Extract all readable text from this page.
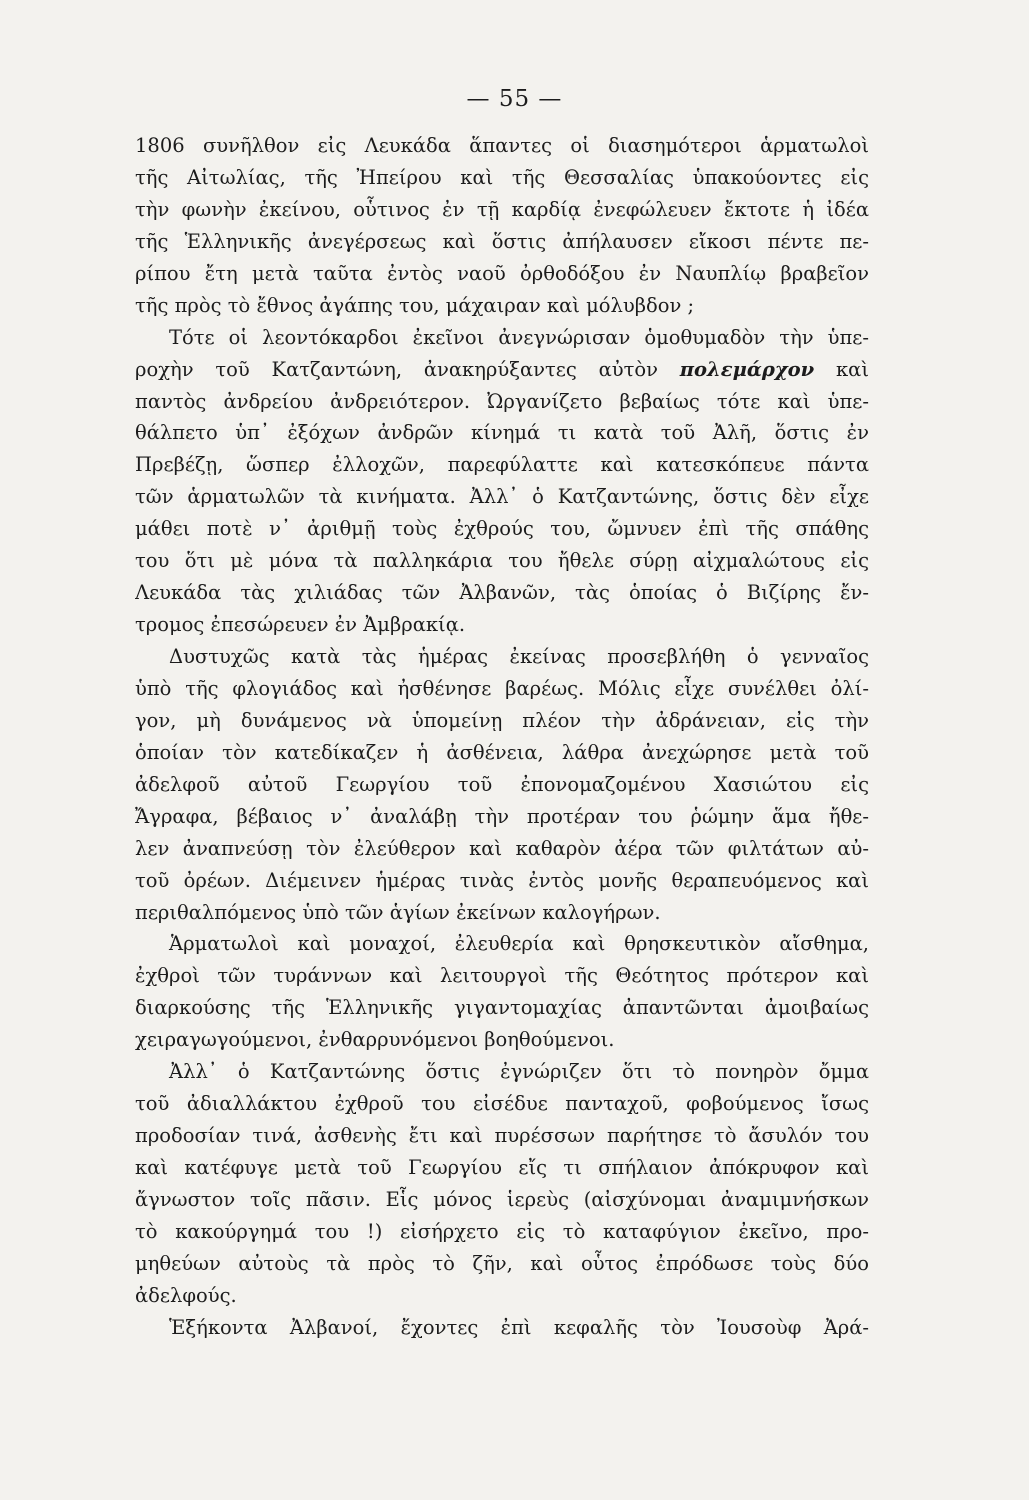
— 55 —
1806 συνῆλθον εἰς Λευκάδα ἅπαντες οἱ διασημότεροι ἁρματωλοὶ
τῆς Αἰτωλίας, τῆς Ἠπείρου καὶ τῆς Θεσσαλίας ὑπακούοντες εἰς
τὴν φωνὴν ἐκείνου, οὗτινος ἐν τῇ καρδίᾳ ἐνεφώλευεν ἔκτοτε ἡ ἰδέα
τῆς Ἑλληνικῆς ἀνεγέρσεως καὶ ὅστις ἀπήλαυσεν εἴκοσι πέντε πε-
ρίπου ἔτη μετὰ ταῦτα ἐντὸς ναοῦ ὀρθοδόξου ἐν Ναυπλίῳ βραβεῖον
τῆς πρὸς τὸ ἔθνος ἀγάπης του, μάχαιραν καὶ μόλυβδον ;
Τότε οἱ λεοντόκαρδοι ἐκεῖνοι ἀνεγνώρισαν ὁμοθυμαδὸν τὴν ὑπε-
ροχὴν τοῦ Κατζαντώνη, ἀνακηρύξαντες αὐτὸν πολεμάρχον καὶ
παντὸς ἀνδρείου ἀνδρειότερον. Ὠργανίζετο βεβαίως τότε καὶ ὑπε-
θάλπετο ὑπ᾽ ἐξόχων ἀνδρῶν κίνημά τι κατὰ τοῦ Ἀλῆ, ὅστις ἐν
Πρεβέζῃ, ὥσπερ ἐλλοχῶν, παρεφύλαττε καὶ κατεσκόπευε πάντα
τῶν ἁρματωλῶν τὰ κινήματα. Ἀλλ᾽ ὁ Κατζαντώνης, ὅστις δὲν εἶχε
μάθει ποτὲ ν᾽ ἀριθμῇ τοὺς ἐχθρούς του, ὤμνυεν ἐπὶ τῆς σπάθης
του ὅτι μὲ μόνα τὰ παλληκάρια του ἤθελε σύρῃ αἰχμαλώτους εἰς
Λευκάδα τὰς χιλιάδας τῶν Ἀλβανῶν, τὰς ὁποίας ὁ Βιζίρης ἔν-
τρομος ἐπεσώρευεν ἐν Ἀμβρακίᾳ.
Δυστυχῶς κατὰ τὰς ἡμέρας ἐκείνας προσεβλήθη ὁ γενναῖος
ὑπὸ τῆς φλογιάδος καὶ ἠσθένησε βαρέως. Μόλις εἶχε συνέλθει ὀλί-
γον, μὴ δυνάμενος νὰ ὑπομείνῃ πλέον τὴν ἀδράνειαν, εἰς τὴν
ὁποίαν τὸν κατεδίκαζεν ἡ ἀσθένεια, λάθρα ἀνεχώρησε μετὰ τοῦ
ἀδελφοῦ αὐτοῦ Γεωργίου τοῦ ἐπονομαζομένου Χασιώτου εἰς
Ἄγραφα, βέβαιος ν᾽ ἀναλάβῃ τὴν προτέραν του ῥώμην ἅμα ἤθε-
λεν ἀναπνεύσῃ τὸν ἐλεύθερον καὶ καθαρὸν ἀέρα τῶν φιλτάτων αὐ-
τοῦ ὀρέων. Διέμεινεν ἡμέρας τινὰς ἐντὸς μονῆς θεραπευόμενος καὶ
περιθαλπόμενος ὑπὸ τῶν ἁγίων ἐκείνων καλογήρων.
Ἁρματωλοὶ καὶ μοναχοί, ἐλευθερία καὶ θρησκευτικὸν αἴσθημα,
ἐχθροὶ τῶν τυράννων καὶ λειτουργοὶ τῆς Θεότητος πρότερον καὶ
διαρκούσης τῆς Ἑλληνικῆς γιγαντομαχίας ἀπαντῶνται ἀμοιβαίως
χειραγωγούμενοι, ἐνθαρρυνόμενοι βοηθούμενοι.
Ἀλλ᾽ ὁ Κατζαντώνης ὅστις ἐγνώριζεν ὅτι τὸ πονηρὸν ὄμμα
τοῦ ἀδιαλλάκτου ἐχθροῦ του εἰσέδυε πανταχοῦ, φοβούμενος ἴσως
προδοσίαν τινά, ἀσθενὴς ἔτι καὶ πυρέσσων παρήτησε τὸ ἄσυλόν του
καὶ κατέφυγε μετὰ τοῦ Γεωργίου εἴς τι σπήλαιον ἀπόκρυφον καὶ
ἄγνωστον τοῖς πᾶσιν. Εἷς μόνος ἱερεὺς (αἰσχύνομαι ἀναμιμνήσκων
τὸ κακούργημά του !) εἰσήρχετο εἰς τὸ καταφύγιον ἐκεῖνο, προ-
μηθεύων αὐτοὺς τὰ πρὸς τὸ ζῆν, καὶ οὗτος ἐπρόδωσε τοὺς δύο
ἀδελφούς.
Ἑξήκοντα Ἀλβανοί, ἔχοντες ἐπὶ κεφαλῆς τὸν Ἰουσοὺφ Ἀρά-
